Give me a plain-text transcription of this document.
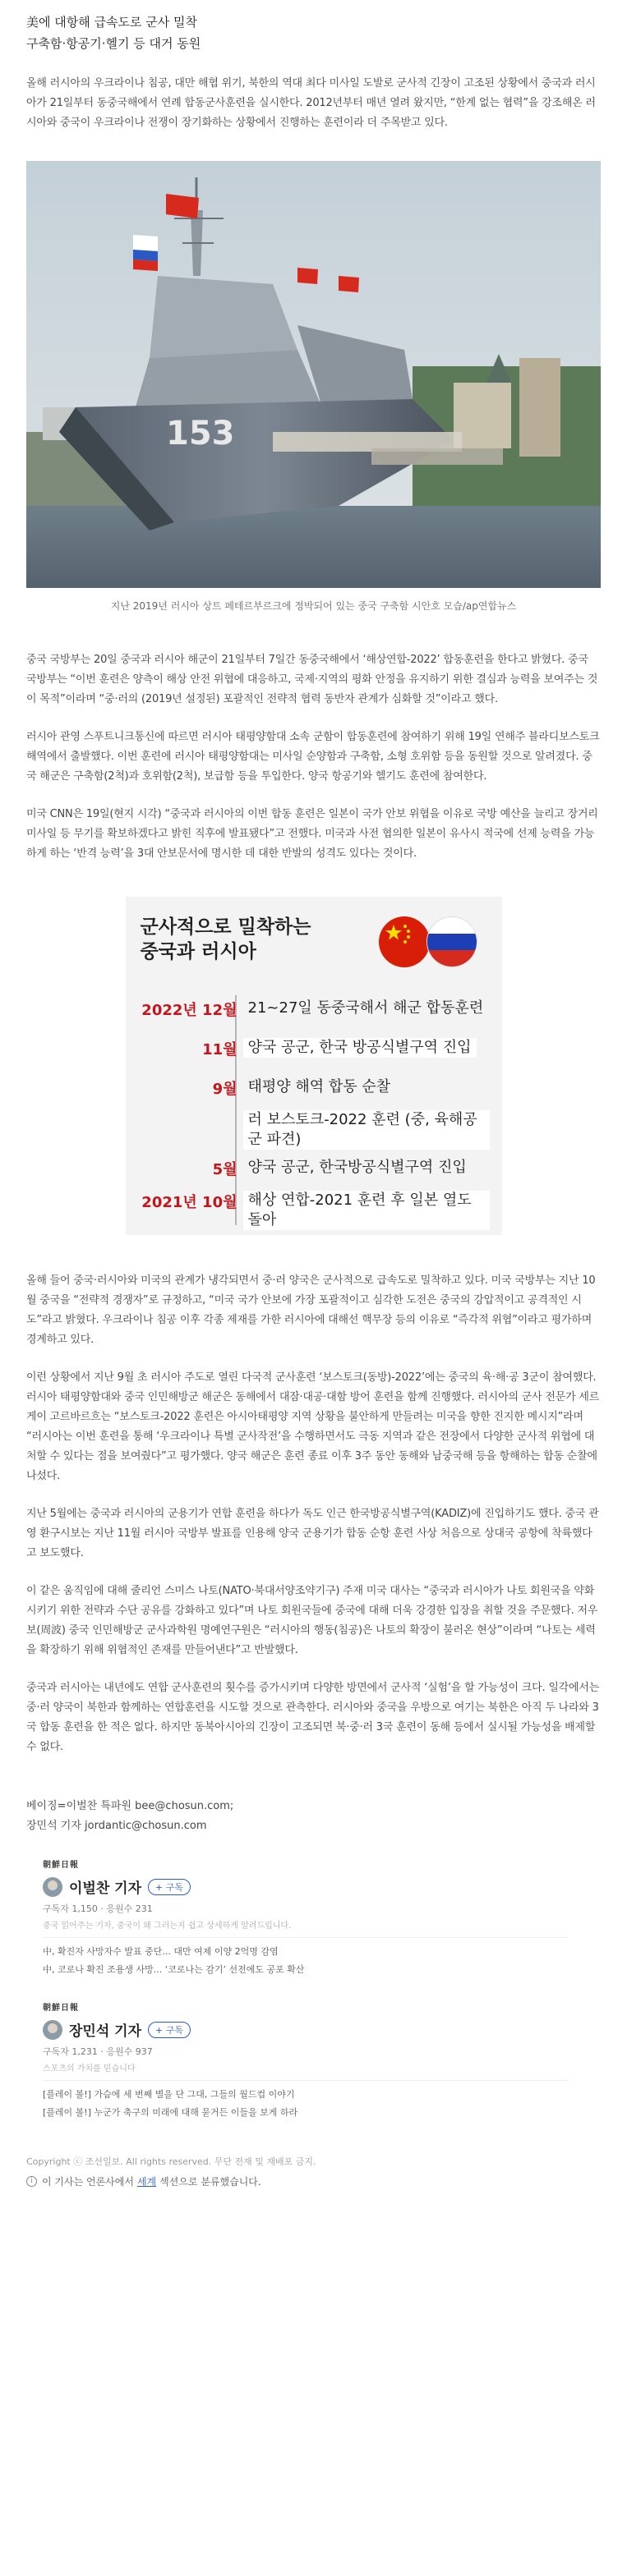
美에 대항해 급속도로 군사 밀착
구축함·항공기·헬기 등 대거 동원

올해 러시아의 우크라이나 침공, 대만 해협 위기, 북한의 역대 최다 미사일 도발로 군사적 긴장이 고조된 상황에서 중국과 러시아가 21일부터 동중국해에서 연례 합동군사훈련을 실시한다. 2012년부터 매년 열려 왔지만, “한계 없는 협력”을 강조해온 러시아와 중국이 우크라이나 전쟁이 장기화하는 상황에서 진행하는 훈련이라 더 주목받고 있다.

153
지난 2019년 러시아 상트 페테르부르크에 정박되어 있는 중국 구축함 시안호 모습/ap연합뉴스

중국 국방부는 20일 중국과 러시아 해군이 21일부터 7일간 동중국해에서 ‘해상연합-2022’ 합동훈련을 한다고 밝혔다. 중국 국방부는 “이번 훈련은 양측이 해상 안전 위협에 대응하고, 국제·지역의 평화 안정을 유지하기 위한 결심과 능력을 보여주는 것이 목적”이라며 “중·러의 (2019년 설정된) 포괄적인 전략적 협력 동반자 관계가 심화할 것”이라고 했다.

러시아 관영 스푸트니크통신에 따르면 러시아 태평양함대 소속 군함이 합동훈련에 참여하기 위해 19일 연해주 블라디보스토크 해역에서 출발했다. 이번 훈련에 러시아 태평양함대는 미사일 순양함과 구축함, 소형 호위함 등을 동원할 것으로 알려졌다. 중국 해군은 구축함(2척)과 호위함(2척), 보급함 등을 투입한다. 양국 항공기와 헬기도 훈련에 참여한다.

미국 CNN은 19일(현지 시각) “중국과 러시아의 이번 합동 훈련은 일본이 국가 안보 위협을 이유로 국방 예산을 늘리고 장거리 미사일 등 무기를 확보하겠다고 밝힌 직후에 발표됐다”고 전했다. 미국과 사전 협의한 일본이 유사시 적국에 선제 능력을 가능하게 하는 ‘반격 능력’을 3대 안보문서에 명시한 데 대한 반발의 성격도 있다는 것이다.

군사적으로 밀착하는
중국과 러시아
2022년 12월 21~27일 동중국해서 해군 합동훈련
11월 양국 공군, 한국 방공식별구역 진입
9월 태평양 해역 합동 순찰
러 보스토크-2022 훈련 (중, 육해공군 파견)
5월 양국 공군, 한국방공식별구역 진입
2021년 10월 해상 연합-2021 훈련 후 일본 열도 돌아

올해 들어 중국·러시아와 미국의 관계가 냉각되면서 중·러 양국은 군사적으로 급속도로 밀착하고 있다. 미국 국방부는 지난 10월 중국을 “전략적 경쟁자”로 규정하고, “미국 국가 안보에 가장 포괄적이고 심각한 도전은 중국의 강압적이고 공격적인 시도”라고 밝혔다. 우크라이나 침공 이후 각종 제재를 가한 러시아에 대해선 핵무장 등의 이유로 “즉각적 위협”이라고 평가하며 경계하고 있다.

이런 상황에서 지난 9월 초 러시아 주도로 열린 다국적 군사훈련 ‘보스토크(동방)-2022’에는 중국의 육·해·공 3군이 참여했다. 러시아 태평양함대와 중국 인민해방군 해군은 동해에서 대잠·대공·대함 방어 훈련을 함께 진행했다. 러시아의 군사 전문가 세르게이 고르바르흐는 “보스토크-2022 훈련은 아시아태평양 지역 상황을 불안하게 만들려는 미국을 향한 진지한 메시지”라며 “러시아는 이번 훈련을 통해 ‘우크라이나 특별 군사작전’을 수행하면서도 극동 지역과 같은 전장에서 다양한 군사적 위협에 대처할 수 있다는 점을 보여줬다”고 평가했다. 양국 해군은 훈련 종료 이후 3주 동안 동해와 남중국해 등을 항해하는 합동 순찰에 나섰다.

지난 5월에는 중국과 러시아의 군용기가 연합 훈련을 하다가 독도 인근 한국방공식별구역(KADIZ)에 진입하기도 했다. 중국 관영 환구시보는 지난 11월 러시아 국방부 발표를 인용해 양국 군용기가 합동 순항 훈련 사상 처음으로 상대국 공항에 착륙했다고 보도했다.

이 같은 움직임에 대해 줄리언 스미스 나토(NATO·북대서양조약기구) 주재 미국 대사는 “중국과 러시아가 나토 회원국을 약화시키기 위한 전략과 수단 공유를 강화하고 있다”며 나토 회원국들에 중국에 대해 더욱 강경한 입장을 취할 것을 주문했다. 저우보(周波) 중국 인민해방군 군사과학원 명예연구원은 “러시아의 행동(침공)은 나토의 확장이 불러온 현상”이라며 “나토는 세력을 확장하기 위해 위협적인 존재를 만들어낸다”고 반발했다.

중국과 러시아는 내년에도 연합 군사훈련의 횟수를 증가시키며 다양한 방면에서 군사적 ‘실험’을 할 가능성이 크다. 일각에서는 중·러 양국이 북한과 함께하는 연합훈련을 시도할 것으로 관측한다. 러시아와 중국을 우방으로 여기는 북한은 아직 두 나라와 3국 합동 훈련을 한 적은 없다. 하지만 동북아시아의 긴장이 고조되면 북·중·러 3국 훈련이 동해 등에서 실시될 가능성을 배제할 수 없다.

베이징=이벌찬 특파원 bee@chosun.com;
장민석 기자 jordantic@chosun.com
朝鮮日報
이벌찬 기자	+ 구독
구독자 1,150 · 응원수 231
중국 읽어주는 기자, 중국이 왜 그러는지 쉽고 상세하게 알려드립니다.
中, 확진자 사망자수 발표 중단... 대만 여제 이양 2억명 감염
中, 코로나 확진 조용생 사망... ‘코로나는 감기’ 선전에도 공포 확산
朝鮮日報
장민석 기자	+ 구독
구독자 1,231 · 응원수 937
스포츠의 가치를 믿습니다
[플레이 볼!] 가슴에 세 번째 별을 단 그대, 그들의 월드컵 이야기
[플레이 볼!] 누군가 축구의 미래에 대해 묻거든 이들을 보게 하라
Copyright ⓒ 조선일보. All rights reserved. 무단 전재 및 재배포 금지.
i 이 기사는 언론사에서 세계 섹션으로 분류했습니다.
